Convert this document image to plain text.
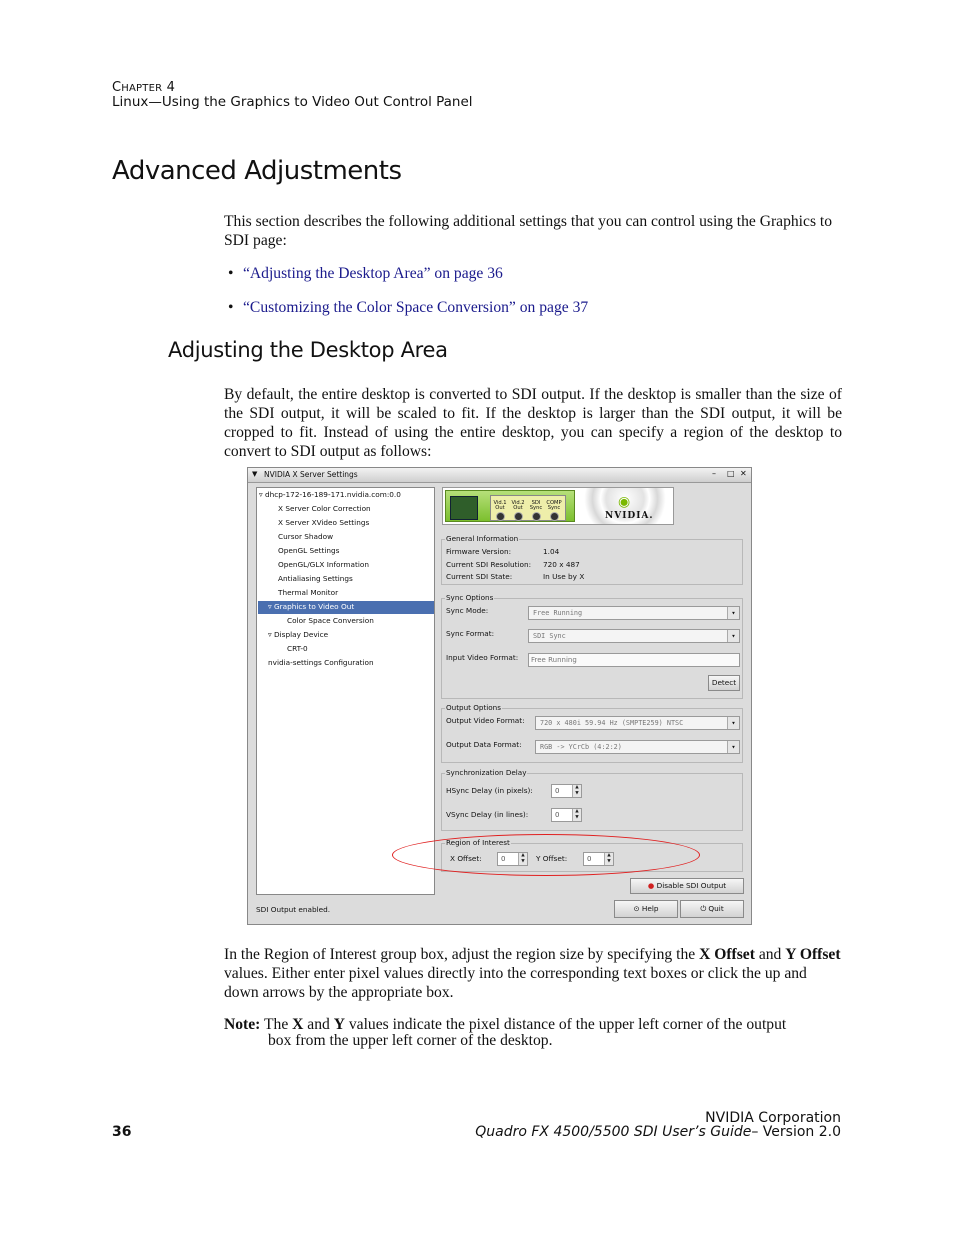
CHAPTER 4
Linux—Using the Graphics to Video Out Control Panel
Advanced Adjustments
This section describes the following additional settings that you can control using the Graphics to SDI page:
• “Adjusting the Desktop Area” on page 36
• “Customizing the Color Space Conversion” on page 37
Adjusting the Desktop Area
By default, the entire desktop is converted to SDI output. If the desktop is smaller than the size of the SDI output, it will be scaled to fit. If the desktop is larger than the SDI output, it will be cropped to fit. Instead of using the entire desktop, you can specify a region of the desktop to convert to SDI output as follows:
▼ NVIDIA X Server Settings	– □ ✕
▿ dhcp-172-16-189-171.nvidia.com:0.0
X Server Color Correction
X Server XVideo Settings
Cursor Shadow
OpenGL Settings
OpenGL/GLX Information
Antialiasing Settings
Thermal Monitor
▿ Graphics to Video Out
Color Space Conversion
▿ Display Device
CRT-0
nvidia-settings Configuration
Vid.1 Out
Vid.2 Out
SDI Sync
COMP Sync	◉
NVIDIA.
General Information
Firmware Version:	1.04
Current SDI Resolution: 720 x 487
Current SDI State:	In Use by X
Sync Options
Sync Mode:	Free Running	▾
Sync Format:	SDI Sync	▾
Input Video Format:	Free Running
Detect
Output Options
Output Video Format:	720 x 480i 59.94 Hz (SMPTE259) NTSC	▾
Output Data Format:	RGB -> YCrCb (4:2:2)	▾
Synchronization Delay
HSync Delay (in pixels):	0	▲
▼
VSync Delay (in lines):	0	▲
▼
Region of Interest
X Offset:	0	▲
▼	Y Offset:	0	▲
▼
● Disable SDI Output
SDI Output enabled.	⊙ Help	⏻ Quit
In the Region of Interest group box, adjust the region size by specifying the X Offset and Y Offset values. Either enter pixel values directly into the corresponding text boxes or click the up and down arrows by the appropriate box.
Note: The X and Y values indicate the pixel distance of the upper left corner of the output
box from the upper left corner of the desktop.
NVIDIA Corporation
36	Quadro FX 4500/5500 SDI User’s Guide– Version 2.0
